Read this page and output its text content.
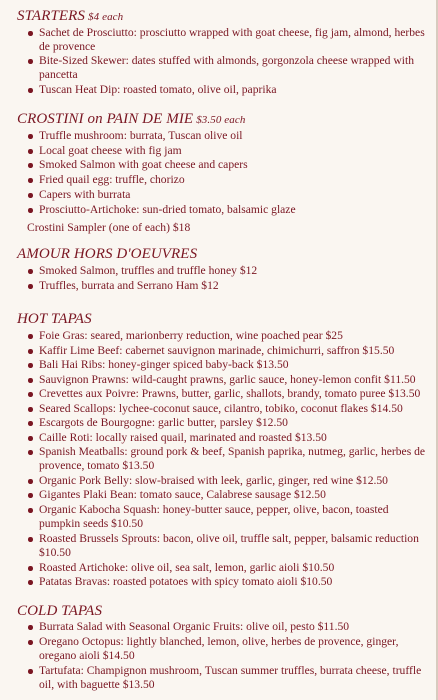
STARTERS $4 each
Sachet de Prosciutto: prosciutto wrapped with goat cheese, fig jam, almond, herbes de provence
Bite-Sized Skewer: dates stuffed with almonds, gorgonzola cheese wrapped with pancetta
Tuscan Heat Dip: roasted tomato, olive oil, paprika
CROSTINI on PAIN DE MIE $3.50 each
Truffle mushroom: burrata, Tuscan olive oil
Local goat cheese with fig jam
Smoked Salmon with goat cheese and capers
Fried quail egg: truffle, chorizo
Capers with burrata
Prosciutto-Artichoke: sun-dried tomato, balsamic glaze
Crostini Sampler (one of each) $18
AMOUR HORS D'OEUVRES
Smoked Salmon, truffles and truffle honey $12
Truffles, burrata and Serrano Ham $12
HOT TAPAS
Foie Gras: seared, marionberry reduction, wine poached pear $25
Kaffir Lime Beef: cabernet sauvignon marinade, chimichurri, saffron $15.50
Bali Hai Ribs: honey-ginger spiced baby-back $13.50
Sauvignon Prawns: wild-caught prawns, garlic sauce, honey-lemon confit $11.50
Crevettes aux Poivre: Prawns, butter, garlic, shallots, brandy, tomato puree $13.50
Seared Scallops: lychee-coconut sauce, cilantro, tobiko, coconut flakes $14.50
Escargots de Bourgogne: garlic butter, parsley $12.50
Caille Roti: locally raised quail, marinated and roasted $13.50
Spanish Meatballs: ground pork & beef, Spanish paprika, nutmeg, garlic, herbes de provence, tomato $13.50
Organic Pork Belly: slow-braised with leek, garlic, ginger, red wine $12.50
Gigantes Plaki Bean: tomato sauce, Calabrese sausage $12.50
Organic Kabocha Squash: honey-butter sauce, pepper, olive, bacon, toasted pumpkin seeds $10.50
Roasted Brussels Sprouts: bacon, olive oil, truffle salt, pepper, balsamic reduction $10.50
Roasted Artichoke: olive oil, sea salt, lemon, garlic aioli $10.50
Patatas Bravas: roasted potatoes with spicy tomato aioli $10.50
COLD TAPAS
Burrata Salad with Seasonal Organic Fruits: olive oil, pesto $11.50
Oregano Octopus: lightly blanched, lemon, olive, herbes de provence, ginger, oregano aioli $14.50
Tartufata: Champignon mushroom, Tuscan summer truffles, burrata cheese, truffle oil, with baguette $13.50
